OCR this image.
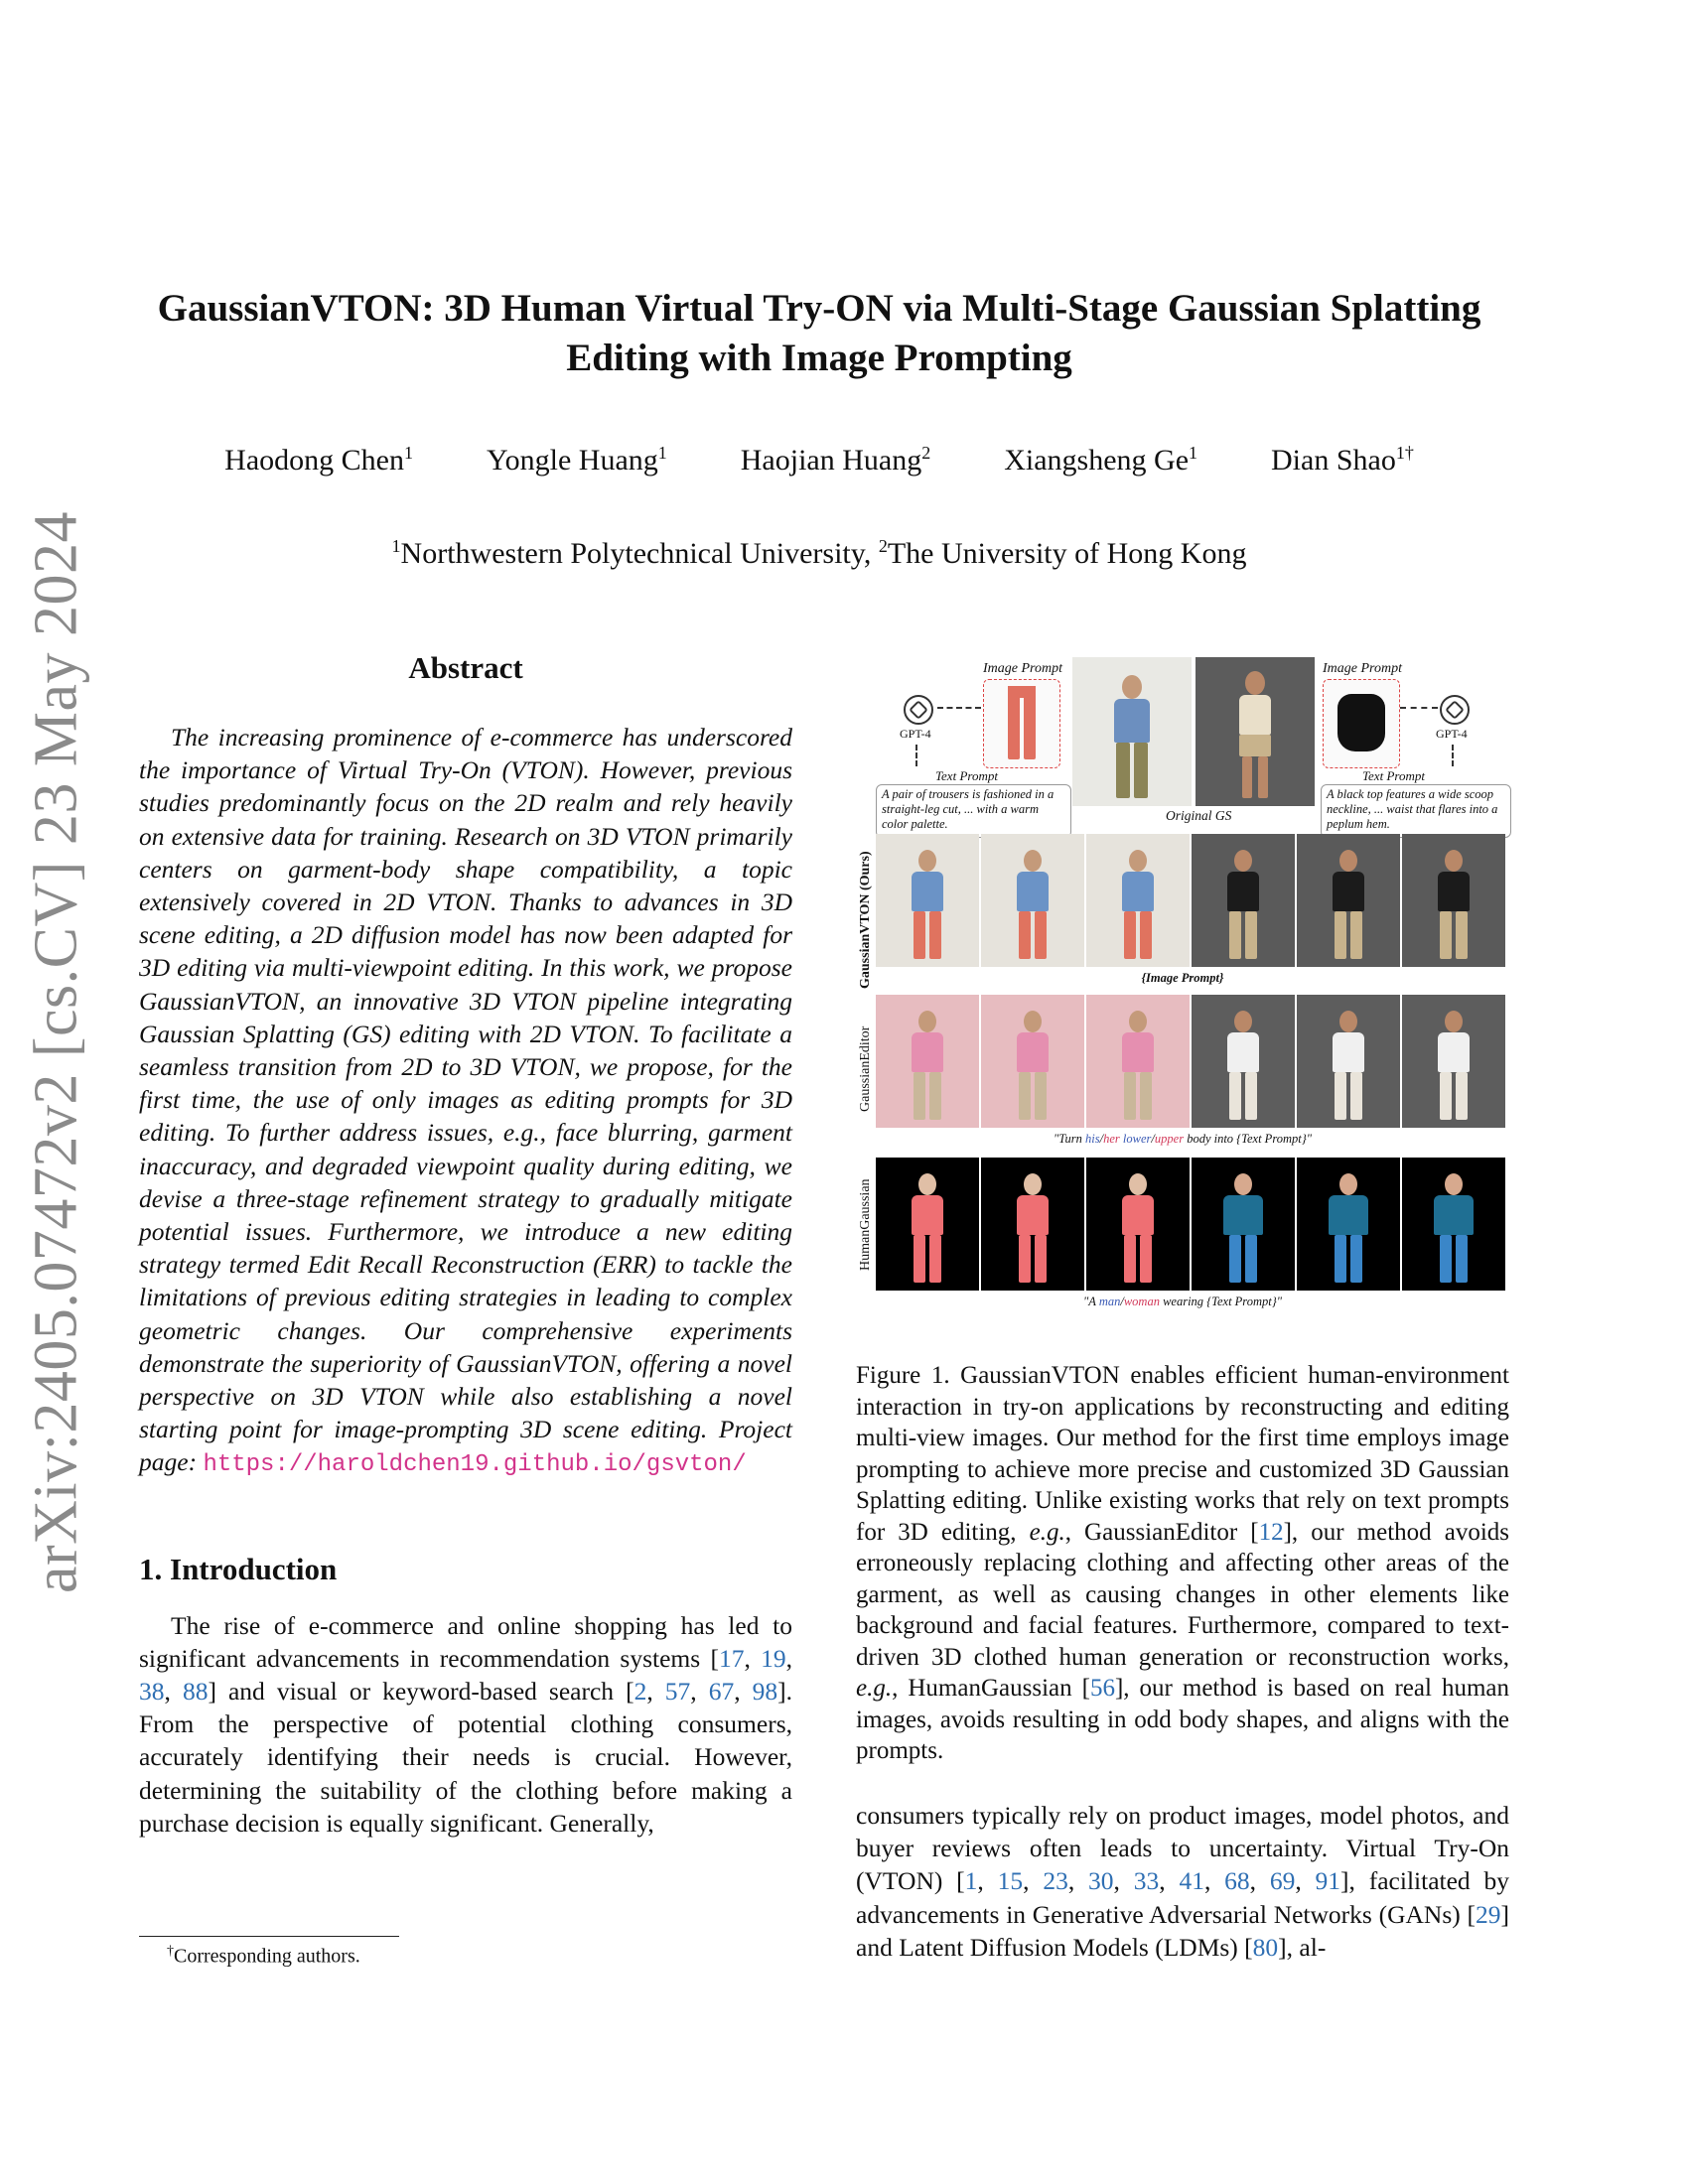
arXiv:2405.07472v2 [cs.CV] 23 May 2024
GaussianVTON: 3D Human Virtual Try-ON via Multi-Stage Gaussian Splatting
Editing with Image Prompting
Haodong Chen$^1$ Yongle Huang$^1$ Haojian Huang$^2$ Xiangsheng Ge$^1$ Dian Shao$^{1\dagger}$
$^1$Northwestern Polytechnical University, $^2$The University of Hong Kong
Abstract

The increasing prominence of e-commerce has underscored the importance of Virtual Try-On (VTON). However, previous studies predominantly focus on the 2D realm and rely heavily on extensive data for training. Research on 3D VTON primarily centers on garment-body shape compatibility, a topic extensively covered in 2D VTON. Thanks to advances in 3D scene editing, a 2D diffusion model has now been adapted for 3D editing via multi-viewpoint editing. In this work, we propose GaussianVTON, an innovative 3D VTON pipeline integrating Gaussian Splatting (GS) editing with 2D VTON. To facilitate a seamless transition from 2D to 3D VTON, we propose, for the first time, the use of only images as editing prompts for 3D editing. To further address issues, e.g., face blurring, garment inaccuracy, and degraded viewpoint quality during editing, we devise a three-stage refinement strategy to gradually mitigate potential issues. Furthermore, we introduce a new editing strategy termed Edit Recall Reconstruction (ERR) to tackle the limitations of previous editing strategies in leading to complex geometric changes. Our comprehensive experiments demonstrate the superiority of GaussianVTON, offering a novel perspective on 3D VTON while also establishing a novel starting point for image-prompting 3D scene editing. Project page: https://haroldchen19.github.io/gsvton/

1. Introduction

The rise of e-commerce and online shopping has led to significant advancements in recommendation systems [17, 19, 38, 88] and visual or keyword-based search [2, 57, 67, 98]. From the perspective of potential clothing consumers, accurately identifying their needs is crucial. However, determining the suitability of the clothing before making a purchase decision is equally significant. Generally,

†Corresponding authors.
Image Prompt
GPT-4
Text Prompt
A pair of trousers is fashioned in a straight-leg cut, ... with a warm color palette.
Original GS
Image Prompt
GPT-4
Text Prompt
A black top features a wide scoop neckline, ... waist that flares into a peplum hem.
GaussianVTON (Ours)	{Image Prompt}
GaussianEditor
"Turn his/her lower/upper body into {Text Prompt}"
HumanGaussian
"A man/woman wearing {Text Prompt}"

Figure 1. GaussianVTON enables efficient human-environment interaction in try-on applications by reconstructing and editing multi-view images. Our method for the first time employs image prompting to achieve more precise and customized 3D Gaussian Splatting editing. Unlike existing works that rely on text prompts for 3D editing, e.g., GaussianEditor [12], our method avoids erroneously replacing clothing and affecting other areas of the garment, as well as causing changes in other elements like background and facial features. Furthermore, compared to text-driven 3D clothed human generation or reconstruction works, e.g., HumanGaussian [56], our method is based on real human images, avoids resulting in odd body shapes, and aligns with the prompts.

consumers typically rely on product images, model photos, and buyer reviews often leads to uncertainty. Virtual Try-On (VTON) [1, 15, 23, 30, 33, 41, 68, 69, 91], facilitated by advancements in Generative Adversarial Networks (GANs) [29] and Latent Diffusion Models (LDMs) [80], al-
